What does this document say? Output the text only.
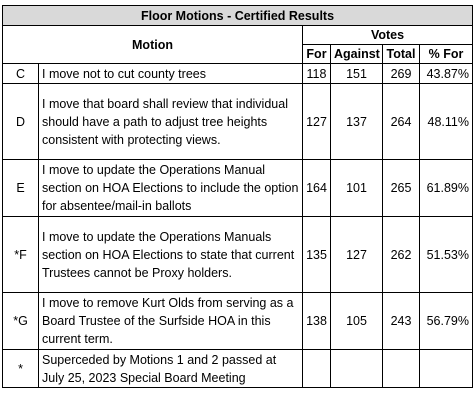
Floor Motions - Certified Results					
Motion		Votes			
		For	Against	Total	% For
C	I move not to cut county trees	118	151	269	43.87%
D	I move that board shall review that individual should have a path to adjust tree heights consistent with protecting views.	127	137	264	48.11%
E	I move to update the Operations Manual section on HOA Elections to include the option for absentee/mail-in ballots	164	101	265	61.89%
*F	I move to update the Operations Manuals section on HOA Elections to state that current Trustees cannot be Proxy holders.	135	127	262	51.53%
*G	I move to remove Kurt Olds from serving as a Board Trustee of the Surfside HOA in this current term.	138	105	243	56.79%
*	Superceded by Motions 1 and 2 passed at July 25, 2023 Special Board Meeting				
